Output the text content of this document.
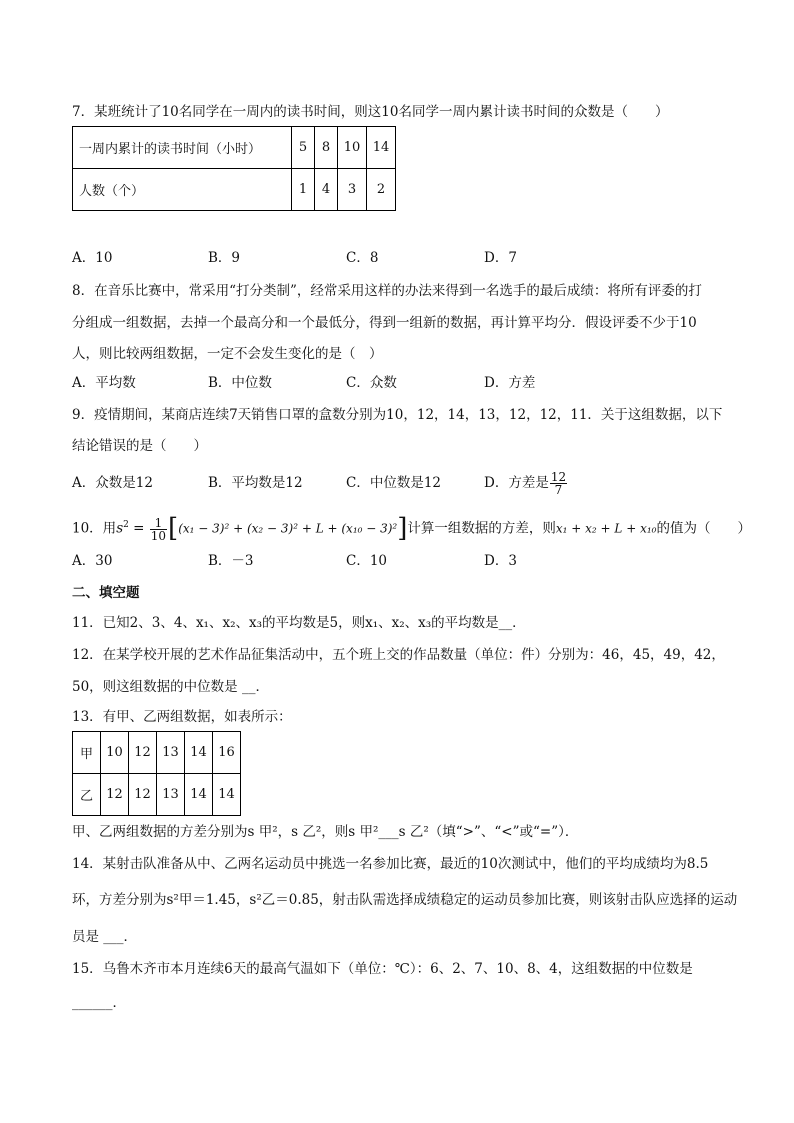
7．某班统计了10名同学在一周内的读书时间，则这10名同学一周内累计读书时间的众数是（　　）
一周内累计的读书时间（小时）	5	8	10	14
人数（个）	1	4	3	2
A．10	B．9	C．8	D．7
8．在音乐比赛中，常采用“打分类制”，经常采用这样的办法来得到一名选手的最后成绩：将所有评委的打
分组成一组数据，去掉一个最高分和一个最低分，得到一组新的数据，再计算平均分．假设评委不少于10
人，则比较两组数据，一定不会发生变化的是（　）
A．平均数	B．中位数	C．众数	D．方差
9．疫情期间，某商店连续7天销售口罩的盒数分别为10，12，14，13，12，12，11．关于这组数据，以下
结论错误的是（　　）
A．众数是12	B．平均数是12	C．中位数是12	D．方差是 $\frac{12}{7}$
10．用$s^2 = \frac{1}{10} [(x_1 - 3)^2 + (x_2 - 3)^2 + L + (x_{10} - 3)^2]$计算一组数据的方差，则x₁ + x₂ + L + x₁₀的值为（　　）
A．30	B．－3	C．10	D．3
二、填空题
11．已知2、3、4、x₁、x₂、x₃的平均数是5，则x₁、x₂、x₃的平均数是__．
12．在某学校开展的艺术作品征集活动中，五个班上交的作品数量（单位：件）分别为：46，45，49，42，
50，则这组数据的中位数是 __．
13．有甲、乙两组数据，如表所示：
甲	10	12	13	14	16
乙	12	12	13	14	14
甲、乙两组数据的方差分别为s 甲²，s 乙²，则s 甲²___s 乙²（填“>”、“<”或“=”）．
14．某射击队准备从中、乙两名运动员中挑选一名参加比赛，最近的10次测试中，他们的平均成绩均为8.5
环，方差分别为s²甲＝1.45，s²乙＝0.85，射击队需选择成绩稳定的运动员参加比赛，则该射击队应选择的运动
员是 ___．
15．乌鲁木齐市本月连续6天的最高气温如下（单位：℃）：6、2、7、10、8、4，这组数据的中位数是
______．
